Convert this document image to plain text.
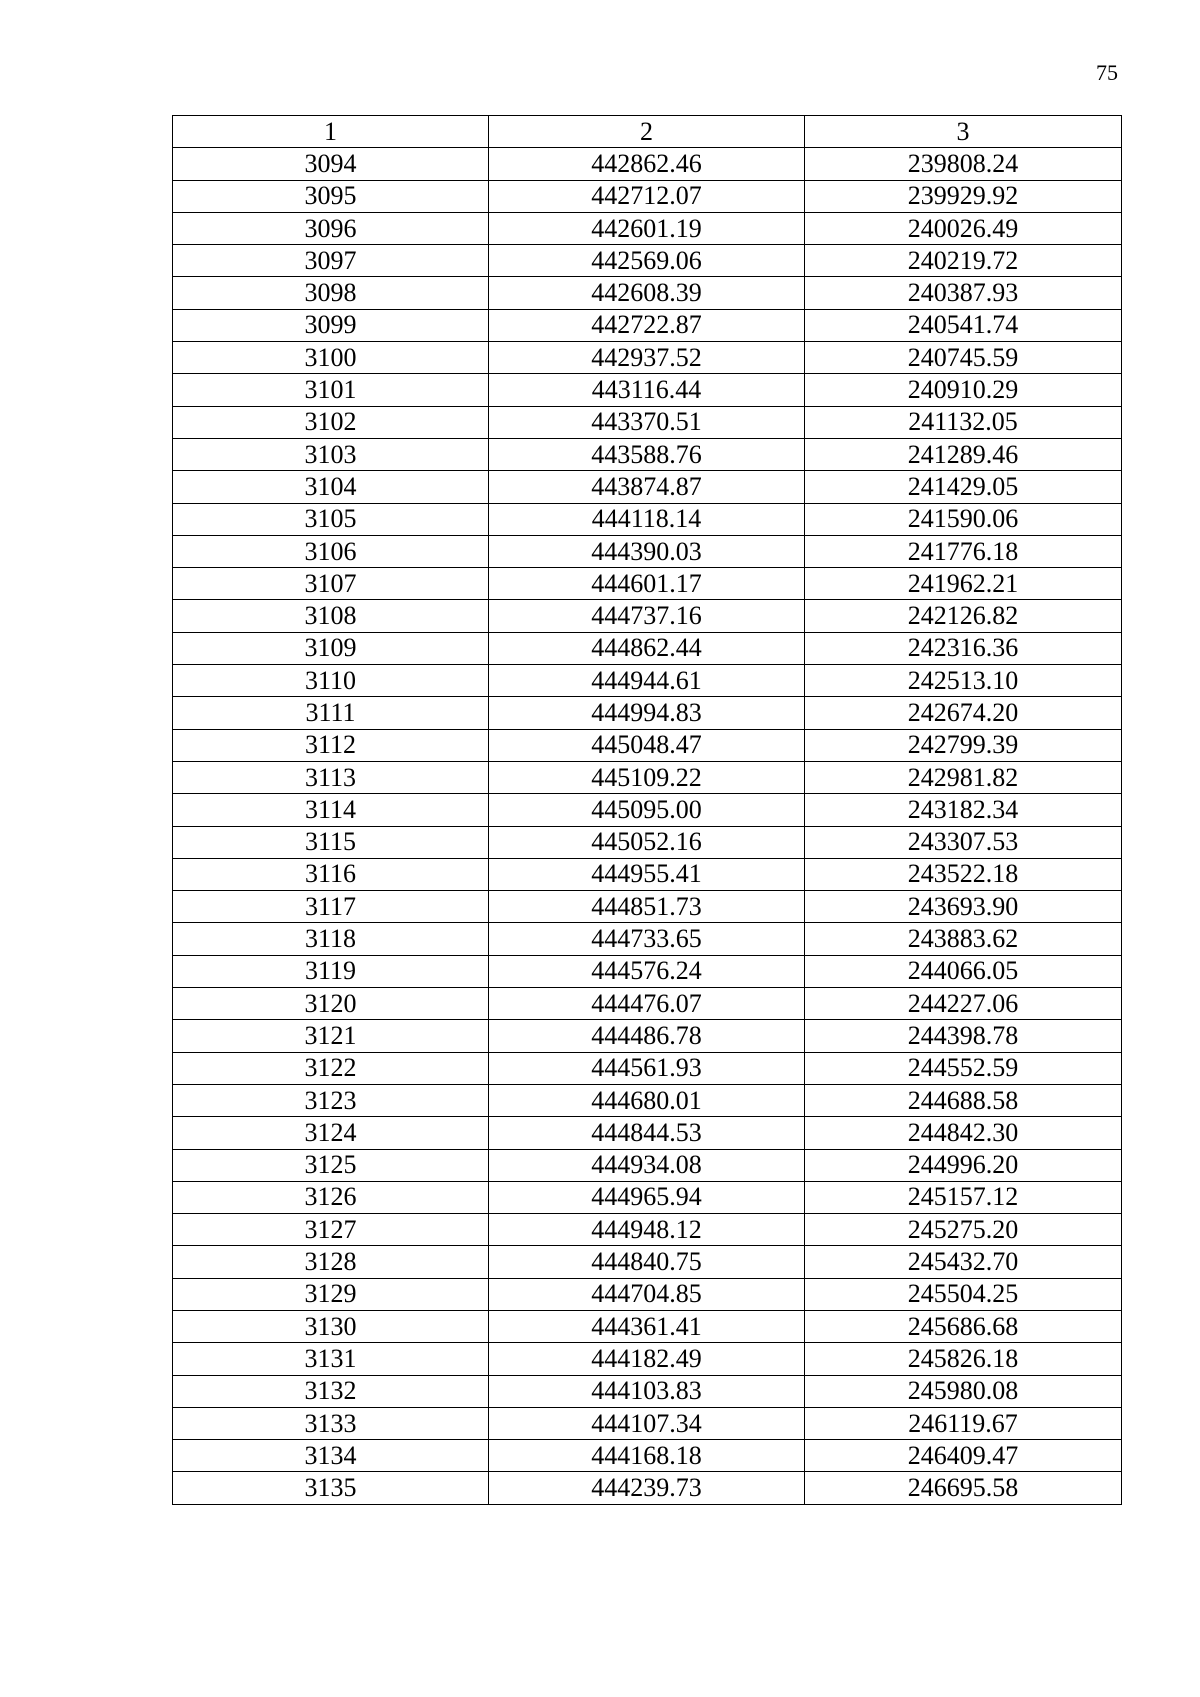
75
1	2	3
3094	442862.46	239808.24
3095	442712.07	239929.92
3096	442601.19	240026.49
3097	442569.06	240219.72
3098	442608.39	240387.93
3099	442722.87	240541.74
3100	442937.52	240745.59
3101	443116.44	240910.29
3102	443370.51	241132.05
3103	443588.76	241289.46
3104	443874.87	241429.05
3105	444118.14	241590.06
3106	444390.03	241776.18
3107	444601.17	241962.21
3108	444737.16	242126.82
3109	444862.44	242316.36
3110	444944.61	242513.10
3111	444994.83	242674.20
3112	445048.47	242799.39
3113	445109.22	242981.82
3114	445095.00	243182.34
3115	445052.16	243307.53
3116	444955.41	243522.18
3117	444851.73	243693.90
3118	444733.65	243883.62
3119	444576.24	244066.05
3120	444476.07	244227.06
3121	444486.78	244398.78
3122	444561.93	244552.59
3123	444680.01	244688.58
3124	444844.53	244842.30
3125	444934.08	244996.20
3126	444965.94	245157.12
3127	444948.12	245275.20
3128	444840.75	245432.70
3129	444704.85	245504.25
3130	444361.41	245686.68
3131	444182.49	245826.18
3132	444103.83	245980.08
3133	444107.34	246119.67
3134	444168.18	246409.47
3135	444239.73	246695.58
